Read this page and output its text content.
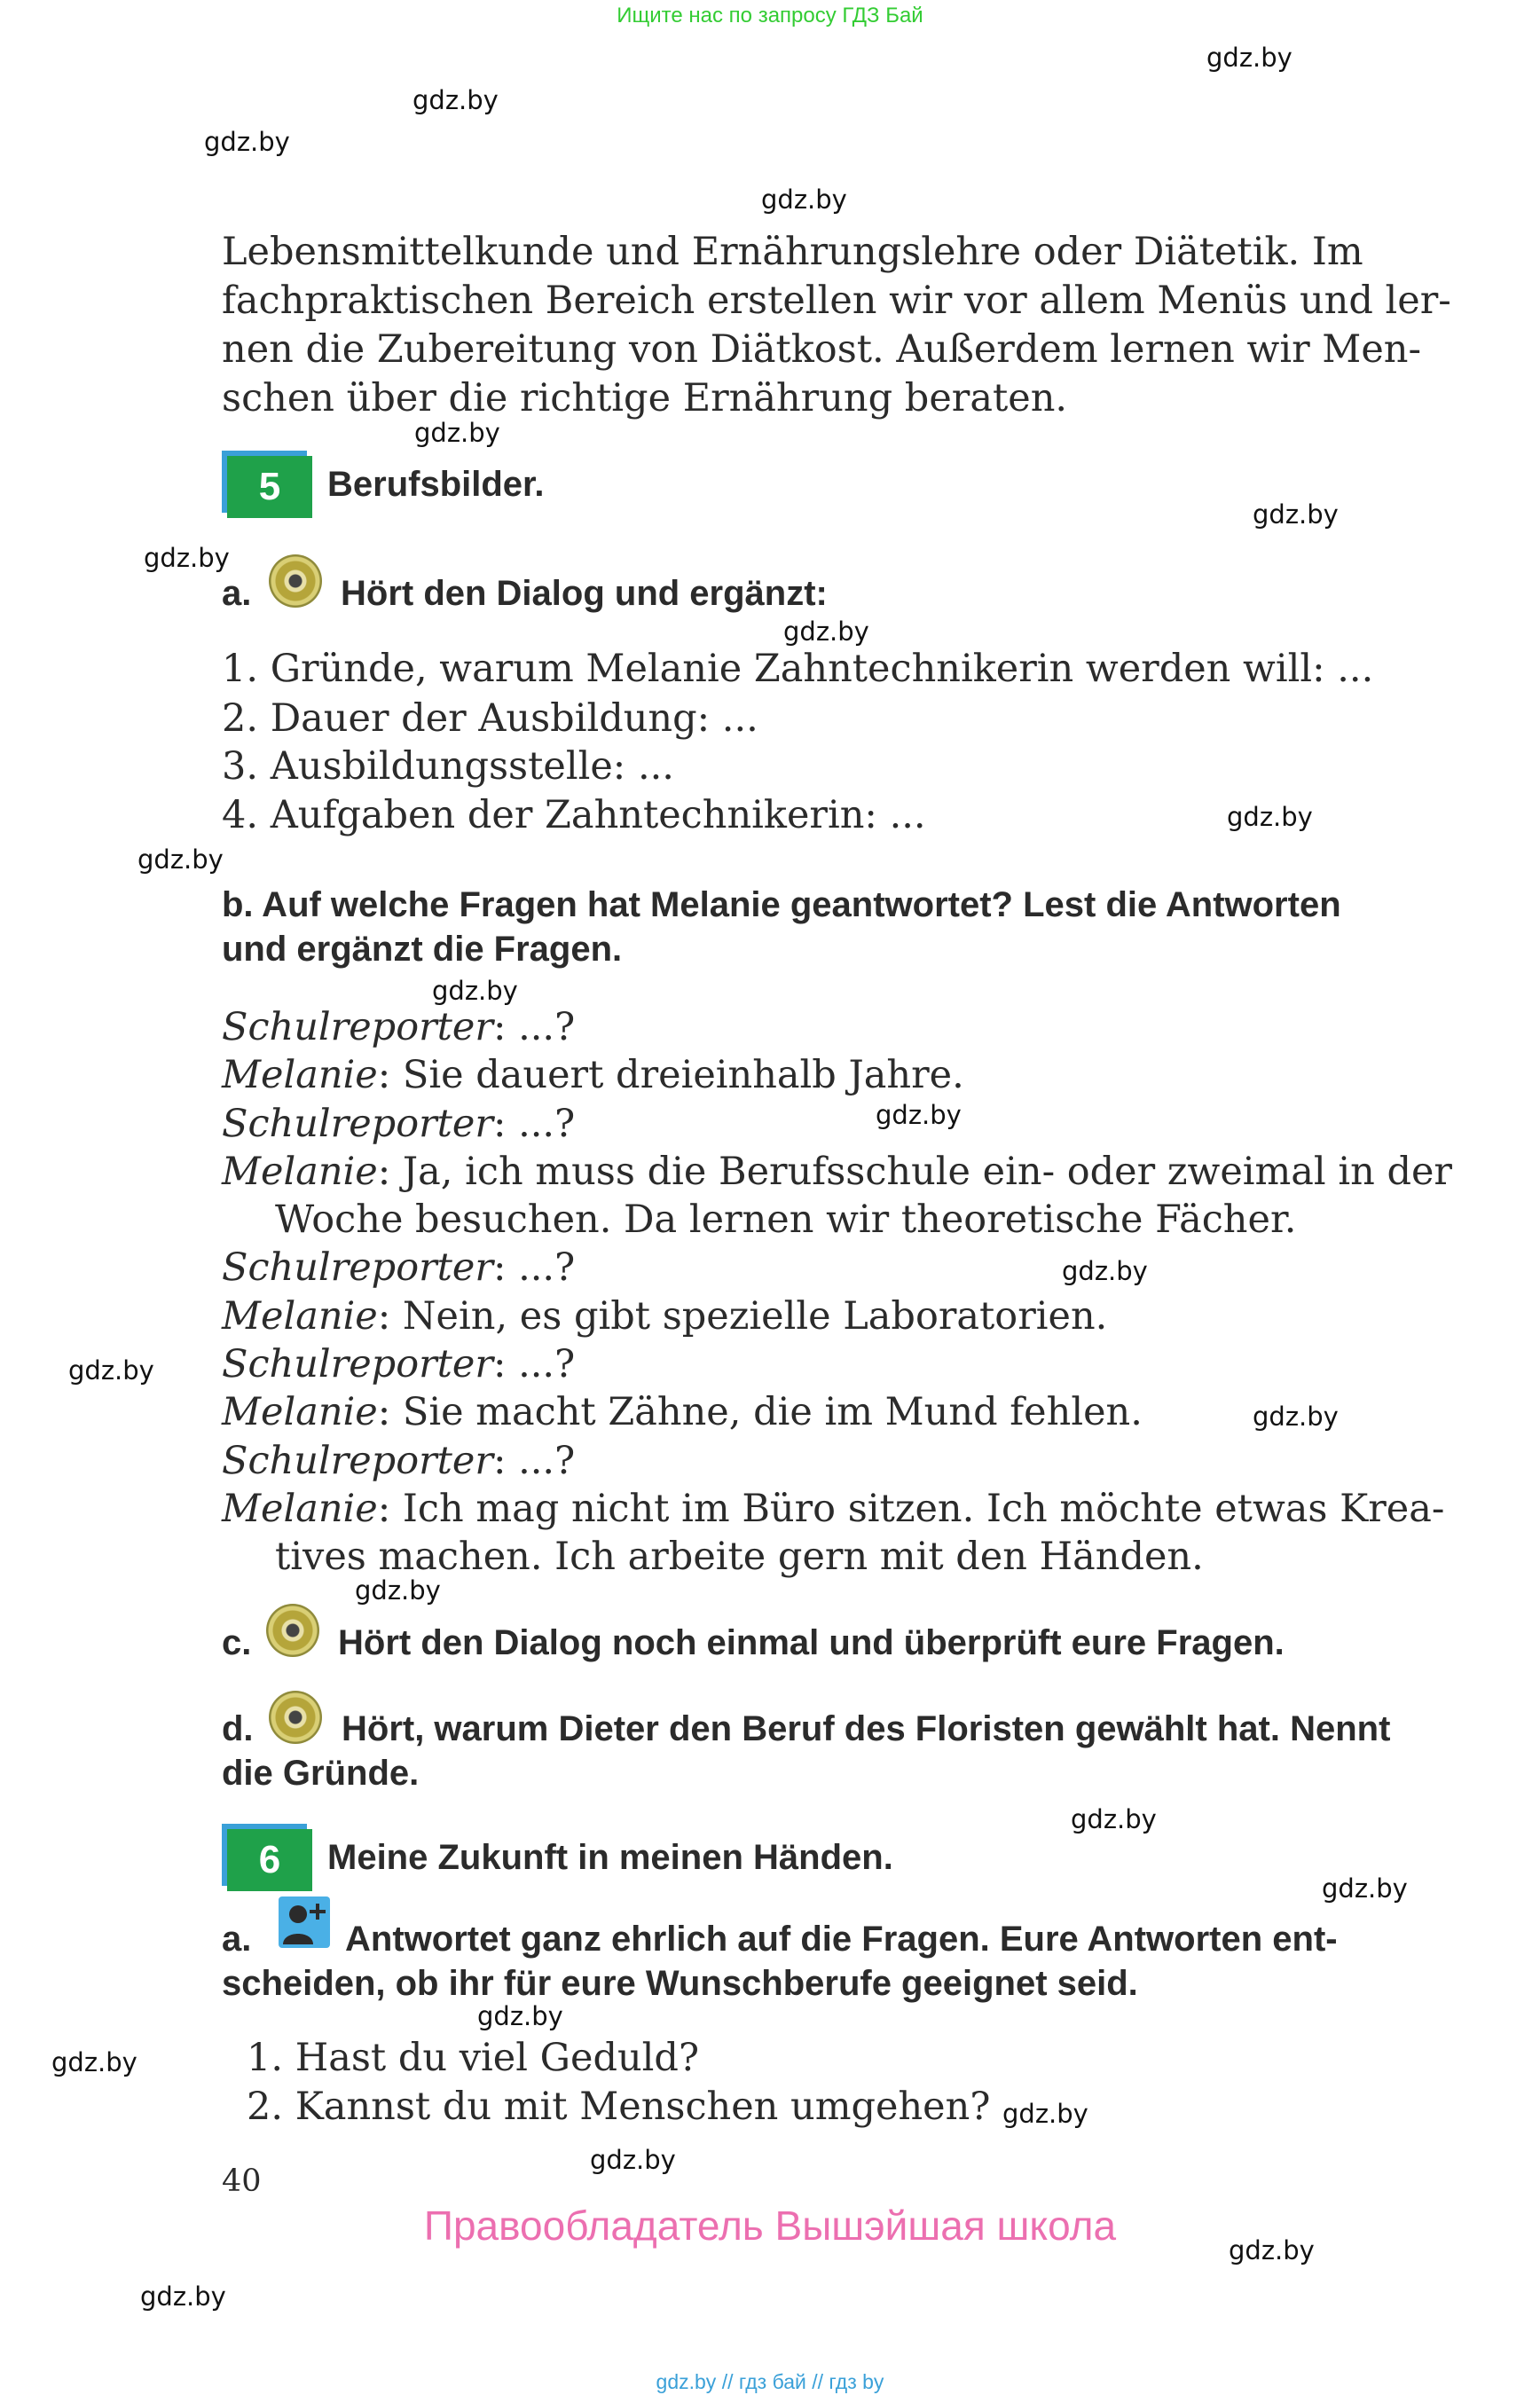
Ищите нас по запросу ГДЗ Бай
gdz.by
gdz.by
gdz.by
gdz.by
gdz.by
gdz.by
gdz.by
gdz.by
gdz.by
gdz.by
gdz.by
gdz.by
gdz.by
gdz.by
gdz.by
gdz.by
gdz.by
gdz.by
gdz.by
gdz.by
gdz.by
gdz.by
gdz.by
gdz.by
Lebensmittelkunde und Ernährungslehre oder Diätetik. Im
fachpraktischen Bereich erstellen wir vor allem Menüs und ler-
nen die Zubereitung von Diätkost. Außerdem lernen wir Men-
schen über die richtige Ernährung beraten.
5	Berufsbilder.
a.	Hört den Dialog und ergänzt:
1. Gründe, warum Melanie Zahntechnikerin werden will: ...
2. Dauer der Ausbildung: ...
3. Ausbildungsstelle: ...
4. Aufgaben der Zahntechnikerin: ...
b. Auf welche Fragen hat Melanie geantwortet? Lest die Antworten
und ergänzt die Fragen.
Schulreporter: ...?
Melanie: Sie dauert dreieinhalb Jahre.
Schulreporter: ...?
Melanie: Ja, ich muss die Berufsschule ein- oder zweimal in der
Woche besuchen. Da lernen wir theoretische Fächer.
Schulreporter: ...?
Melanie: Nein, es gibt spezielle Laboratorien.
Schulreporter: ...?
Melanie: Sie macht Zähne, die im Mund fehlen.
Schulreporter: ...?
Melanie: Ich mag nicht im Büro sitzen. Ich möchte etwas Krea-
tives machen. Ich arbeite gern mit den Händen.
c. Hört den Dialog noch einmal und überprüft eure Fragen.
d. Hört, warum Dieter den Beruf des Floristen gewählt hat. Nennt
die Gründe.
6	Meine Zukunft in meinen Händen.
a.	Antwortet ganz ehrlich auf die Fragen. Eure Antworten ent-
scheiden, ob ihr für eure Wunschberufe geeignet seid.
1. Hast du viel Geduld?
2. Kannst du mit Menschen umgehen?
40
Правообладатель Вышэйшая школа
gdz.by // гдз бай // гдз by
